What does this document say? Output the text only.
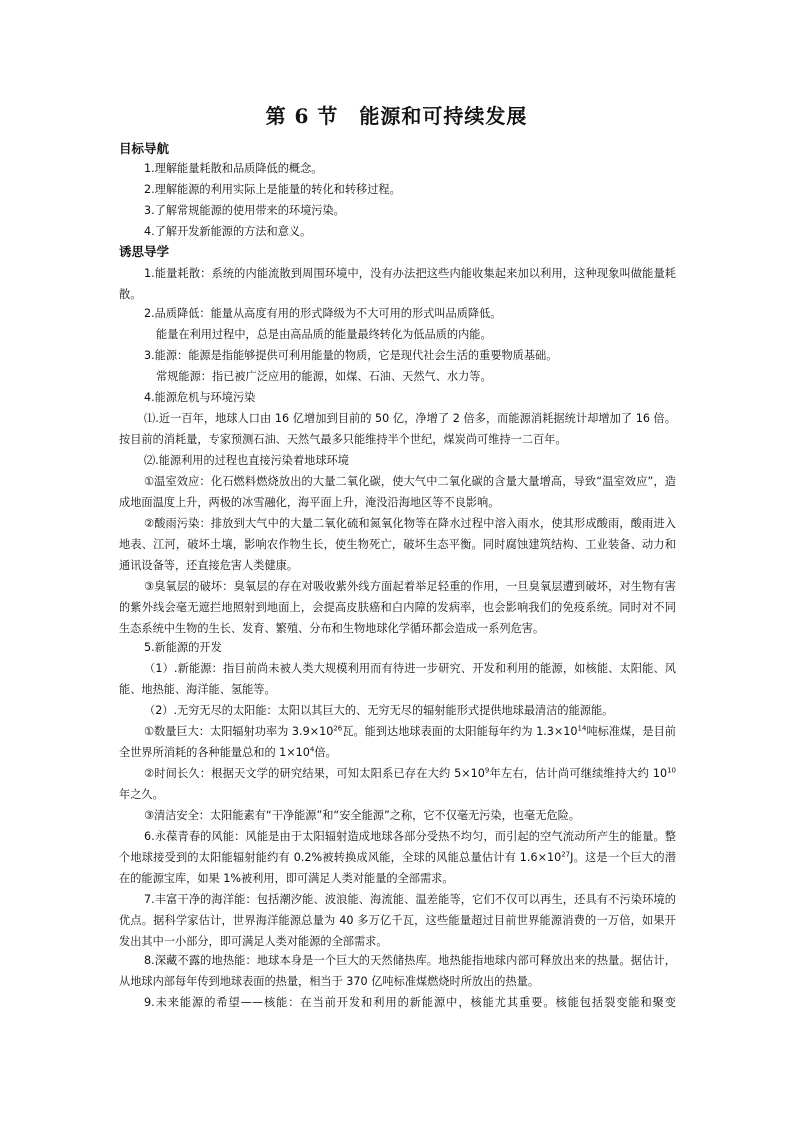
第 6 节　能源和可持续发展
目标导航
1.理解能量耗散和品质降低的概念。
2.理解能源的利用实际上是能量的转化和转移过程。
3.了解常规能源的使用带来的环境污染。
4.了解开发新能源的方法和意义。
诱思导学
1.能量耗散：系统的内能流散到周围环境中，没有办法把这些内能收集起来加以利用，这种现象叫做能量耗散。
2.品质降低：能量从高度有用的形式降级为不大可用的形式叫品质降低。
能量在利用过程中，总是由高品质的能量最终转化为低品质的内能。
3.能源：能源是指能够提供可利用能量的物质，它是现代社会生活的重要物质基础。
常规能源：指已被广泛应用的能源，如煤、石油、天然气、水力等。
4.能源危机与环境污染
⑴.近一百年，地球人口由 16 亿增加到目前的 50 亿，净增了 2 倍多，而能源消耗据统计却增加了 16 倍。按目前的消耗量，专家预测石油、天然气最多只能维持半个世纪，煤炭尚可维持一二百年。
⑵.能源利用的过程也直接污染着地球环境
①温室效应：化石燃料燃烧放出的大量二氧化碳，使大气中二氧化碳的含量大量增高，导致“温室效应”，造成地面温度上升，两极的冰雪融化，海平面上升，淹没沿海地区等不良影响。
②酸雨污染：排放到大气中的大量二氧化硫和氮氧化物等在降水过程中溶入雨水，使其形成酸雨，酸雨进入地表、江河，破坏土壤，影响农作物生长，使生物死亡，破坏生态平衡。同时腐蚀建筑结构、工业装备、动力和通讯设备等，还直接危害人类健康。
③臭氧层的破坏：臭氧层的存在对吸收紫外线方面起着举足轻重的作用，一旦臭氧层遭到破坏，对生物有害的紫外线会毫无遮拦地照射到地面上，会提高皮肤癌和白内障的发病率，也会影响我们的免疫系统。同时对不同生态系统中生物的生长、发育、繁殖、分布和生物地球化学循环都会造成一系列危害。
5.新能源的开发
（1）.新能源：指目前尚未被人类大规模利用而有待进一步研究、开发和利用的能源，如核能、太阳能、风能、地热能、海洋能、氢能等。
（2）.无穷无尽的太阳能：太阳以其巨大的、无穷无尽的辐射能形式提供地球最清洁的能源能。
①数量巨大：太阳辐射功率为 $3.9\times 10^{26}$瓦。能到达地球表面的太阳能每年约为 $1.3\times 10^{14}$吨标准煤，是目前全世界所消耗的各种能量总和的 $1\times 10^4$倍。
②时间长久：根据天文学的研究结果，可知太阳系已存在大约 $5\times 10^9$年左右，估计尚可继续维持大约 $10^{10}$年之久。
③清洁安全：太阳能素有“干净能源”和“安全能源”之称，它不仅毫无污染，也毫无危险。
6.永葆青春的风能：风能是由于太阳辐射造成地球各部分受热不均匀，而引起的空气流动所产生的能量。整个地球接受到的太阳能辐射能约有 0.2%被转换成风能，全球的风能总量估计有 $1.6\times 10^{27}J$。这是一个巨大的潜在的能源宝库，如果 1%被利用，即可满足人类对能量的全部需求。
7.丰富干净的海洋能：包括潮汐能、波浪能、海流能、温差能等，它们不仅可以再生，还具有不污染环境的优点。据科学家估计，世界海洋能源总量为 40 多万亿千瓦，这些能量超过目前世界能源消费的一万倍，如果开发出其中一小部分，即可满足人类对能源的全部需求。
8.深藏不露的地热能：地球本身是一个巨大的天然储热库。地热能指地球内部可释放出来的热量。据估计，从地球内部每年传到地球表面的热量，相当于 370 亿吨标准煤燃烧时所放出的热量。
9.未来能源的希望——核能：在当前开发和利用的新能源中，核能尤其重要。核能包括裂变能和聚变
